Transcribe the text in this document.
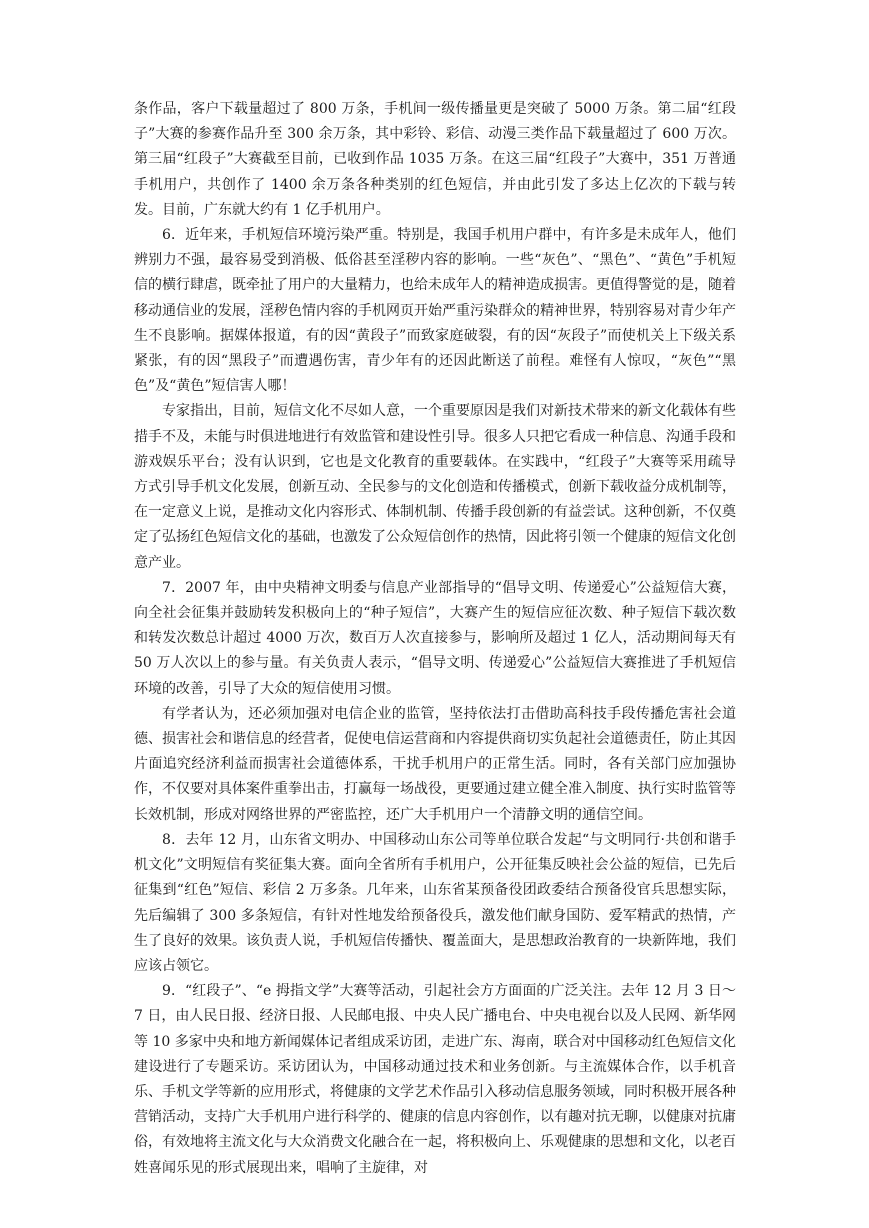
条作品，客户下载量超过了 800 万条，手机间一级传播量更是突破了 5000 万条。第二届“红段子”大赛的参赛作品升至 300 余万条，其中彩铃、彩信、动漫三类作品下载量超过了 600 万次。第三届“红段子”大赛截至目前，已收到作品 1035 万条。在这三届“红段子”大赛中，351 万普通手机用户，共创作了 1400 余万条各种类别的红色短信，并由此引发了多达上亿次的下载与转发。目前，广东就大约有 1 亿手机用户。

6．近年来，手机短信环境污染严重。特别是，我国手机用户群中，有许多是未成年人，他们辨别力不强，最容易受到消极、低俗甚至淫秽内容的影响。一些“灰色”、“黑色”、“黄色”手机短信的横行肆虐，既牵扯了用户的大量精力，也给未成年人的精神造成损害。更值得警觉的是，随着移动通信业的发展，淫秽色情内容的手机网页开始严重污染群众的精神世界，特别容易对青少年产生不良影响。据媒体报道，有的因“黄段子”而致家庭破裂，有的因“灰段子”而使机关上下级关系紧张，有的因“黑段子”而遭遇伤害，青少年有的还因此断送了前程。难怪有人惊叹，“灰色”“黑色”及“黄色”短信害人哪！

专家指出，目前，短信文化不尽如人意，一个重要原因是我们对新技术带来的新文化载体有些措手不及，未能与时俱进地进行有效监管和建设性引导。很多人只把它看成一种信息、沟通手段和游戏娱乐平台；没有认识到，它也是文化教育的重要载体。在实践中，“红段子”大赛等采用疏导方式引导手机文化发展，创新互动、全民参与的文化创造和传播模式，创新下载收益分成机制等，在一定意义上说，是推动文化内容形式、体制机制、传播手段创新的有益尝试。这种创新，不仅奠定了弘扬红色短信文化的基础，也激发了公众短信创作的热情，因此将引领一个健康的短信文化创意产业。

7．2007 年，由中央精神文明委与信息产业部指导的“倡导文明、传递爱心”公益短信大赛，向全社会征集并鼓励转发积极向上的“种子短信”，大赛产生的短信应征次数、种子短信下载次数和转发次数总计超过 4000 万次，数百万人次直接参与，影响所及超过 1 亿人，活动期间每天有 50 万人次以上的参与量。有关负责人表示，“倡导文明、传递爱心”公益短信大赛推进了手机短信环境的改善，引导了大众的短信使用习惯。

有学者认为，还必须加强对电信企业的监管，坚持依法打击借助高科技手段传播危害社会道德、损害社会和谐信息的经营者，促使电信运营商和内容提供商切实负起社会道德责任，防止其因片面追究经济利益而损害社会道德体系，干扰手机用户的正常生活。同时，各有关部门应加强协作，不仅要对具体案件重拳出击，打赢每一场战役，更要通过建立健全准入制度、执行实时监管等长效机制，形成对网络世界的严密监控，还广大手机用户一个清静文明的通信空间。

8．去年 12 月，山东省文明办、中国移动山东公司等单位联合发起“与文明同行·共创和谐手机文化”文明短信有奖征集大赛。面向全省所有手机用户，公开征集反映社会公益的短信，已先后征集到“红色”短信、彩信 2 万多条。几年来，山东省某预备役团政委结合预备役官兵思想实际，先后编辑了 300 多条短信，有针对性地发给预备役兵，激发他们献身国防、爱军精武的热情，产生了良好的效果。该负责人说，手机短信传播快、覆盖面大，是思想政治教育的一块新阵地，我们应该占领它。

9．“红段子”、“e 拇指文学”大赛等活动，引起社会方方面面的广泛关注。去年 12 月 3 日～7 日，由人民日报、经济日报、人民邮电报、中央人民广播电台、中央电视台以及人民网、新华网等 10 多家中央和地方新闻媒体记者组成采访团，走进广东、海南，联合对中国移动红色短信文化建设进行了专题采访。采访团认为，中国移动通过技术和业务创新。与主流媒体合作，以手机音乐、手机文学等新的应用形式，将健康的文学艺术作品引入移动信息服务领域，同时积极开展各种营销活动，支持广大手机用户进行科学的、健康的信息内容创作，以有趣对抗无聊，以健康对抗庸俗，有效地将主流文化与大众消费文化融合在一起，将积极向上、乐观健康的思想和文化，以老百姓喜闻乐见的形式展现出来，唱响了主旋律，对
